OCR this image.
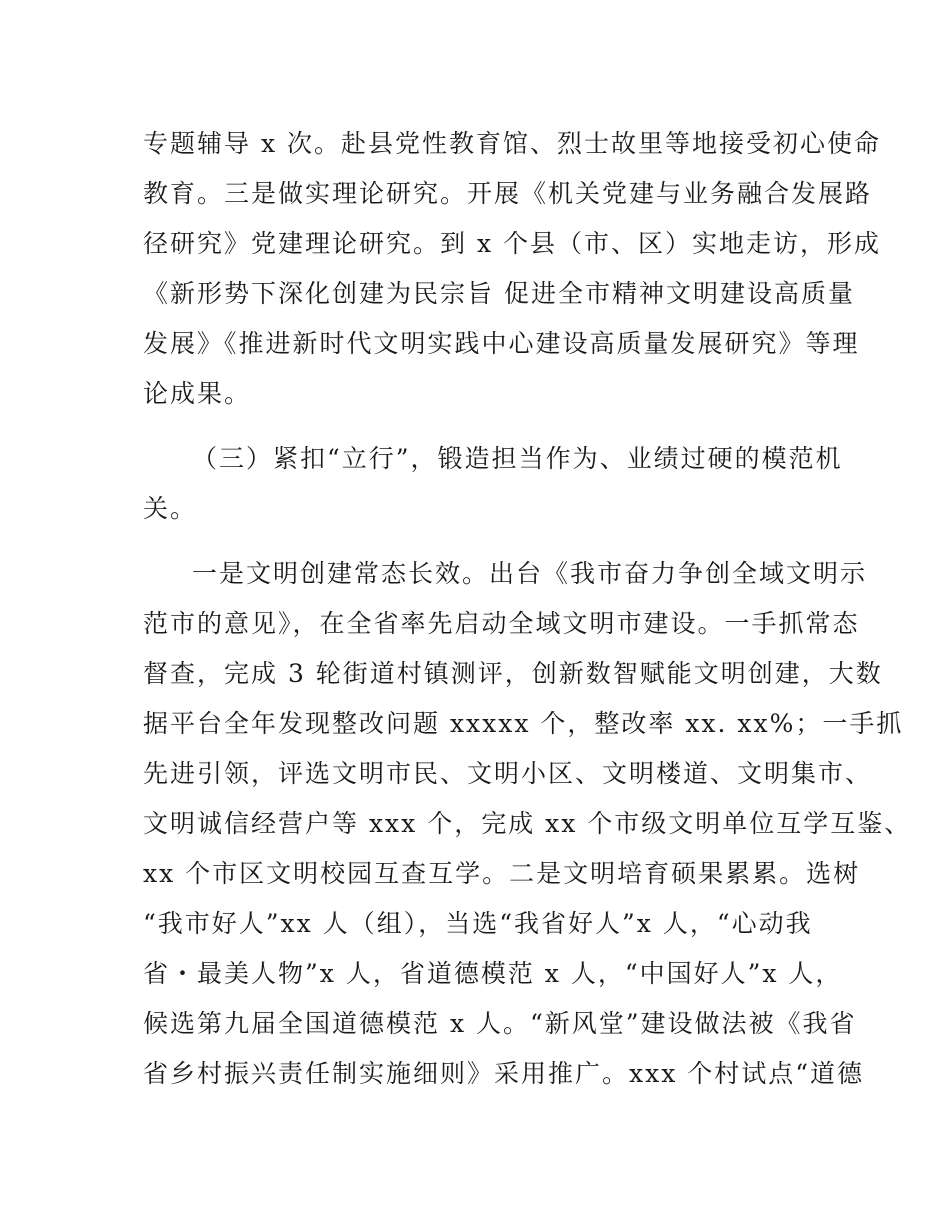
专题辅导 x 次。赴县党性教育馆、烈士故里等地接受初心使命
教育。三是做实理论研究。开展《机关党建与业务融合发展路
径研究》党建理论研究。到 x 个县（市、区）实地走访，形成
《新形势下深化创建为民宗旨 促进全市精神文明建设高质量
发展》《推进新时代文明实践中心建设高质量发展研究》等理
论成果。
（三）紧扣“立行”，锻造担当作为、业绩过硬的模范机
关。
一是文明创建常态长效。出台《我市奋力争创全域文明示
范市的意见》，在全省率先启动全域文明市建设。一手抓常态
督查，完成 3 轮街道村镇测评，创新数智赋能文明创建，大数
据平台全年发现整改问题 xxxxx 个，整改率 xx. xx%；一手抓
先进引领，评选文明市民、文明小区、文明楼道、文明集市、
文明诚信经营户等 xxx 个，完成 xx 个市级文明单位互学互鉴、
xx 个市区文明校园互查互学。二是文明培育硕果累累。选树
“我市好人”xx 人（组），当选“我省好人”x 人，“心动我
省・最美人物”x 人，省道德模范 x 人，“中国好人”x 人，
候选第九届全国道德模范 x 人。“新风堂”建设做法被《我省
省乡村振兴责任制实施细则》采用推广。xxx 个村试点“道德
